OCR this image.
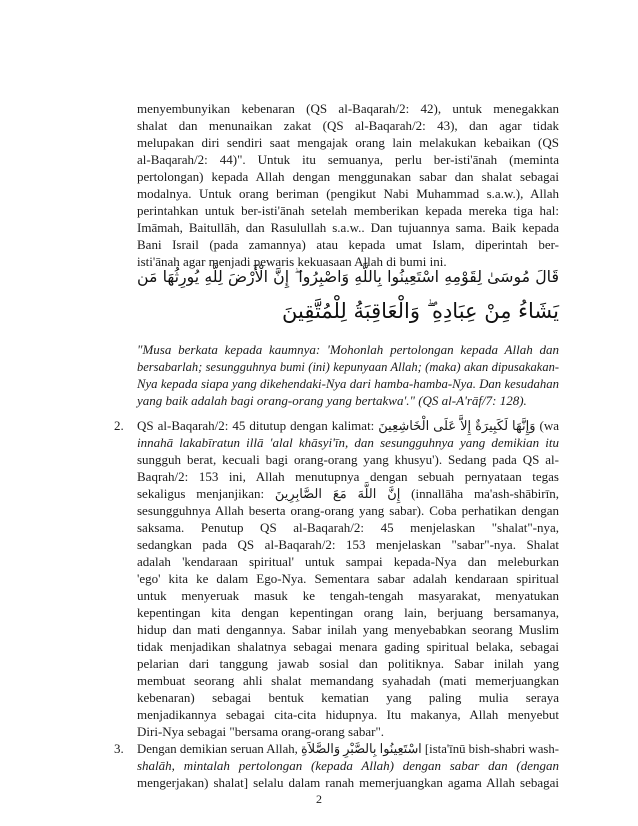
menyembunyikan kebenaran (QS al-Baqarah/2: 42), untuk menegakkan
shalat dan menunaikan zakat (QS al-Baqarah/2: 43), dan agar tidak
melupakan diri sendiri saat mengajak orang lain melakukan kebaikan (QS
al-Baqarah/2: 44)". Untuk itu semuanya, perlu ber-isti'ānah (meminta
pertolongan) kepada Allah dengan menggunakan sabar dan shalat sebagai
modalnya. Untuk orang beriman (pengikut Nabi Muhammad s.a.w.), Allah
perintahkan untuk ber-isti'ānah setelah memberikan kepada mereka tiga hal:
Imāmah, Baitullāh, dan Rasulullah s.a.w.. Dan tujuannya sama. Baik kepada
Bani Israil (pada zamannya) atau kepada umat Islam, diperintah ber-
isti'ānah agar menjadi pewaris kekuasaan Allah di bumi ini.
قَالَ مُوسَىٰ لِقَوْمِهِ اسْتَعِينُوا بِاللَّهِ وَاصْبِرُوا ۖ إِنَّ الْأَرْضَ لِلَّهِ يُورِثُهَا مَن
يَشَاءُ مِنْ عِبَادِهِ ۖ وَالْعَاقِبَةُ لِلْمُتَّقِينَ
"Musa berkata kepada kaumnya: 'Mohonlah pertolongan kepada Allah dan
bersabarlah; sesungguhnya bumi (ini) kepunyaan Allah; (maka) akan dipusakakan-
Nya kepada siapa yang dikehendaki-Nya dari hamba-hamba-Nya. Dan kesudahan
yang baik adalah bagi orang-orang yang bertakwa'." (QS al-A'rāf/7: 128).
2. QS al-Baqarah/2: 45 ditutup dengan kalimat: وَإِنَّهَا لَكَبِيرَةٌ إِلاَّ عَلَى الْخَاشِعِينَ (wa
innahā lakabīratun illā 'alal khāsyi'īn, dan sesungguhnya yang demikian itu
sungguh berat, kecuali bagi orang-orang yang khusyu'). Sedang pada QS al-
Baqrah/2: 153 ini, Allah menutupnya dengan sebuah pernyataan tegas
sekaligus menjanjikan: إِنَّ اللَّهَ مَعَ الصَّابِرِينَ (innallāha ma'ash-shābirīn,
sesungguhnya Allah beserta orang-orang yang sabar). Coba perhatikan dengan
saksama. Penutup QS al-Baqarah/2: 45 menjelaskan "shalat"-nya,
sedangkan pada QS al-Baqarah/2: 153 menjelaskan "sabar"-nya. Shalat
adalah 'kendaraan spiritual' untuk sampai kepada-Nya dan meleburkan
'ego' kita ke dalam Ego-Nya. Sementara sabar adalah kendaraan spiritual
untuk menyeruak masuk ke tengah-tengah masyarakat, menyatukan
kepentingan kita dengan kepentingan orang lain, berjuang bersamanya,
hidup dan mati dengannya. Sabar inilah yang menyebabkan seorang Muslim
tidak menjadikan shalatnya sebagai menara gading spiritual belaka, sebagai
pelarian dari tanggung jawab sosial dan politiknya. Sabar inilah yang
membuat seorang ahli shalat memandang syahadah (mati memerjuangkan
kebenaran) sebagai bentuk kematian yang paling mulia seraya
menjadikannya sebagai cita-cita hidupnya. Itu makanya, Allah menyebut
Diri-Nya sebagai "bersama orang-orang sabar".
3. Dengan demikian seruan Allah, اسْتَعِينُوا بِالصَّبْرِ وَالصَّلاَةِ [ista'īnū bish-shabri wash-
shalāh, mintalah pertolongan (kepada Allah) dengan sabar dan (dengan
mengerjakan) shalat] selalu dalam ranah memerjuangkan agama Allah sebagai
2
